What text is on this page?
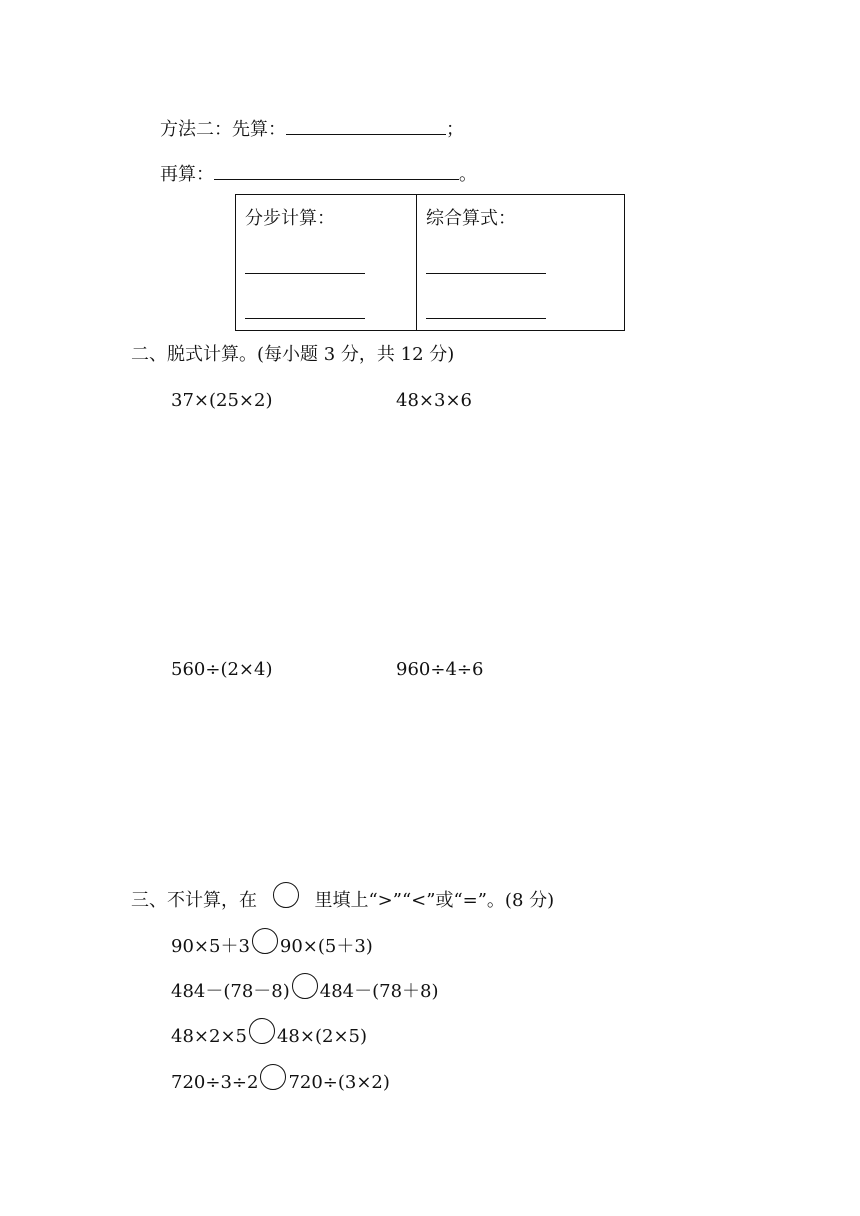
方法二：先算：	；
再算：	。
分步计算：	综合算式：
二、脱式计算。(每小题 3 分，共 12 分)
37×(25×2)	48×3×6
560÷(2×4)	960÷4÷6
三、不计算，在	里填上“>”“<”或“=”。(8 分)
90×5＋3 90×(5＋3)
484－(78－8) 484－(78＋8)
48×2×5 48×(2×5)
720÷3÷2 720÷(3×2)
